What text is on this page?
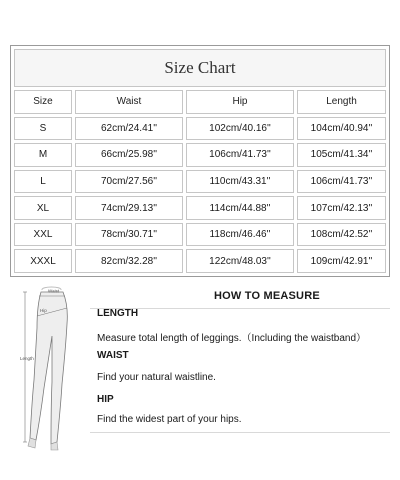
Size Chart
Size	Waist	Hip	Length
S	62cm/24.41''	102cm/40.16''	104cm/40.94''
M	66cm/25.98''	106cm/41.73''	105cm/41.34''
L	70cm/27.56''	110cm/43.31''	106cm/41.73''
XL	74cm/29.13''	114cm/44.88''	107cm/42.13''
XXL	78cm/30.71''	118cm/46.46''	108cm/42.52''
XXXL	82cm/32.28''	122cm/48.03''	109cm/42.91''
Waist
Hip
Length
HOW TO MEASURE
LENGTH
Measure total length of leggings.（Including the waistband）
WAIST
Find your natural waistline.
HIP
Find the widest part of your hips.
